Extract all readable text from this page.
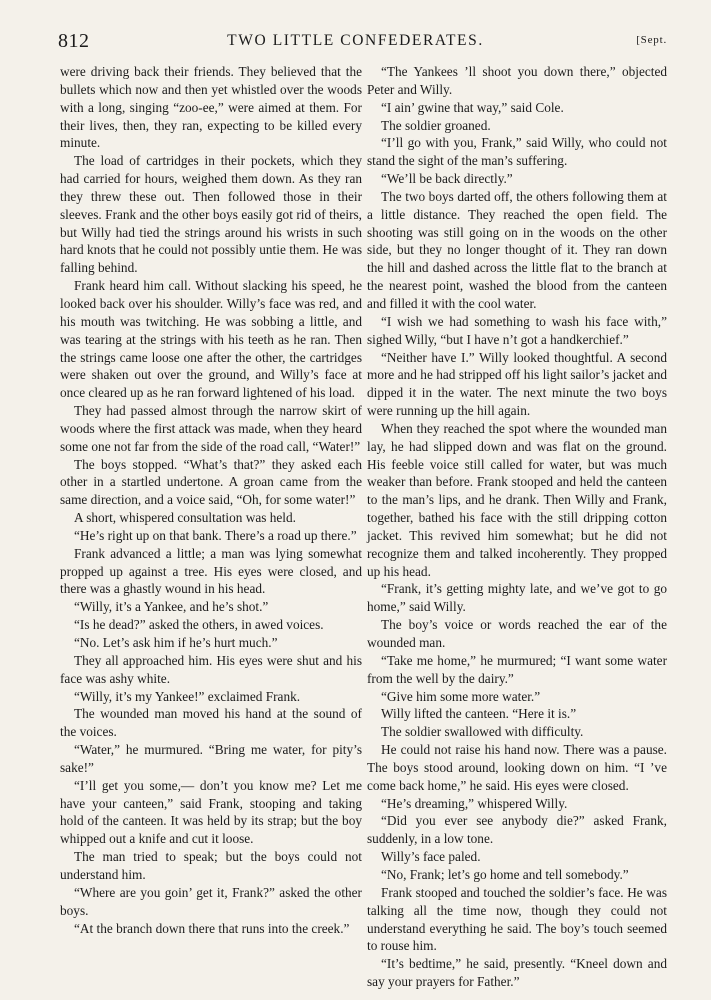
812	TWO LITTLE CONFEDERATES.	[Sept.

were driving back their friends. They believed that the bullets which now and then yet whistled over the woods with a long, singing “zoo-ee,” were aimed at them. For their lives, then, they ran, expecting to be killed every minute.

The load of cartridges in their pockets, which they had carried for hours, weighed them down. As they ran they threw these out. Then followed those in their sleeves. Frank and the other boys easily got rid of theirs, but Willy had tied the strings around his wrists in such hard knots that he could not possibly untie them. He was falling behind.

Frank heard him call. Without slacking his speed, he looked back over his shoulder. Willy’s face was red, and his mouth was twitching. He was sobbing a little, and was tearing at the strings with his teeth as he ran. Then the strings came loose one after the other, the cartridges were shaken out over the ground, and Willy’s face at once cleared up as he ran forward lightened of his load.

They had passed almost through the narrow skirt of woods where the first attack was made, when they heard some one not far from the side of the road call, “Water!”

The boys stopped. “What’s that?” they asked each other in a startled undertone. A groan came from the same direction, and a voice said, “Oh, for some water!”

A short, whispered consultation was held.

“He’s right up on that bank. There’s a road up there.”

Frank advanced a little; a man was lying somewhat propped up against a tree. His eyes were closed, and there was a ghastly wound in his head.

“Willy, it’s a Yankee, and he’s shot.”

“Is he dead?” asked the others, in awed voices.

“No. Let’s ask him if he’s hurt much.”

They all approached him. His eyes were shut and his face was ashy white.

“Willy, it’s my Yankee!” exclaimed Frank.

The wounded man moved his hand at the sound of the voices.

“Water,” he murmured. “Bring me water, for pity’s sake!”

“I’ll get you some,— don’t you know me? Let me have your canteen,” said Frank, stooping and taking hold of the canteen. It was held by its strap; but the boy whipped out a knife and cut it loose.

The man tried to speak; but the boys could not understand him.

“Where are you goin’ get it, Frank?” asked the other boys.

“At the branch down there that runs into the creek.”

“The Yankees ’ll shoot you down there,” objected Peter and Willy.

“I ain’ gwine that way,” said Cole.

The soldier groaned.

“I’ll go with you, Frank,” said Willy, who could not stand the sight of the man’s suffering.

“We’ll be back directly.”

The two boys darted off, the others following them at a little distance. They reached the open field. The shooting was still going on in the woods on the other side, but they no longer thought of it. They ran down the hill and dashed across the little flat to the branch at the nearest point, washed the blood from the canteen and filled it with the cool water.

“I wish we had something to wash his face with,” sighed Willy, “but I have n’t got a handkerchief.”

“Neither have I.” Willy looked thoughtful. A second more and he had stripped off his light sailor’s jacket and dipped it in the water. The next minute the two boys were running up the hill again.

When they reached the spot where the wounded man lay, he had slipped down and was flat on the ground. His feeble voice still called for water, but was much weaker than before. Frank stooped and held the canteen to the man’s lips, and he drank. Then Willy and Frank, together, bathed his face with the still dripping cotton jacket. This revived him somewhat; but he did not recognize them and talked incoherently. They propped up his head.

“Frank, it’s getting mighty late, and we’ve got to go home,” said Willy.

The boy’s voice or words reached the ear of the wounded man.

“Take me home,” he murmured; “I want some water from the well by the dairy.”

“Give him some more water.”

Willy lifted the canteen. “Here it is.”

The soldier swallowed with difficulty.

He could not raise his hand now. There was a pause. The boys stood around, looking down on him. “I ’ve come back home,” he said. His eyes were closed.

“He’s dreaming,” whispered Willy.

“Did you ever see anybody die?” asked Frank, suddenly, in a low tone.

Willy’s face paled.

“No, Frank; let’s go home and tell somebody.”

Frank stooped and touched the soldier’s face. He was talking all the time now, though they could not understand everything he said. The boy’s touch seemed to rouse him.

“It’s bedtime,” he said, presently. “Kneel down and say your prayers for Father.”
